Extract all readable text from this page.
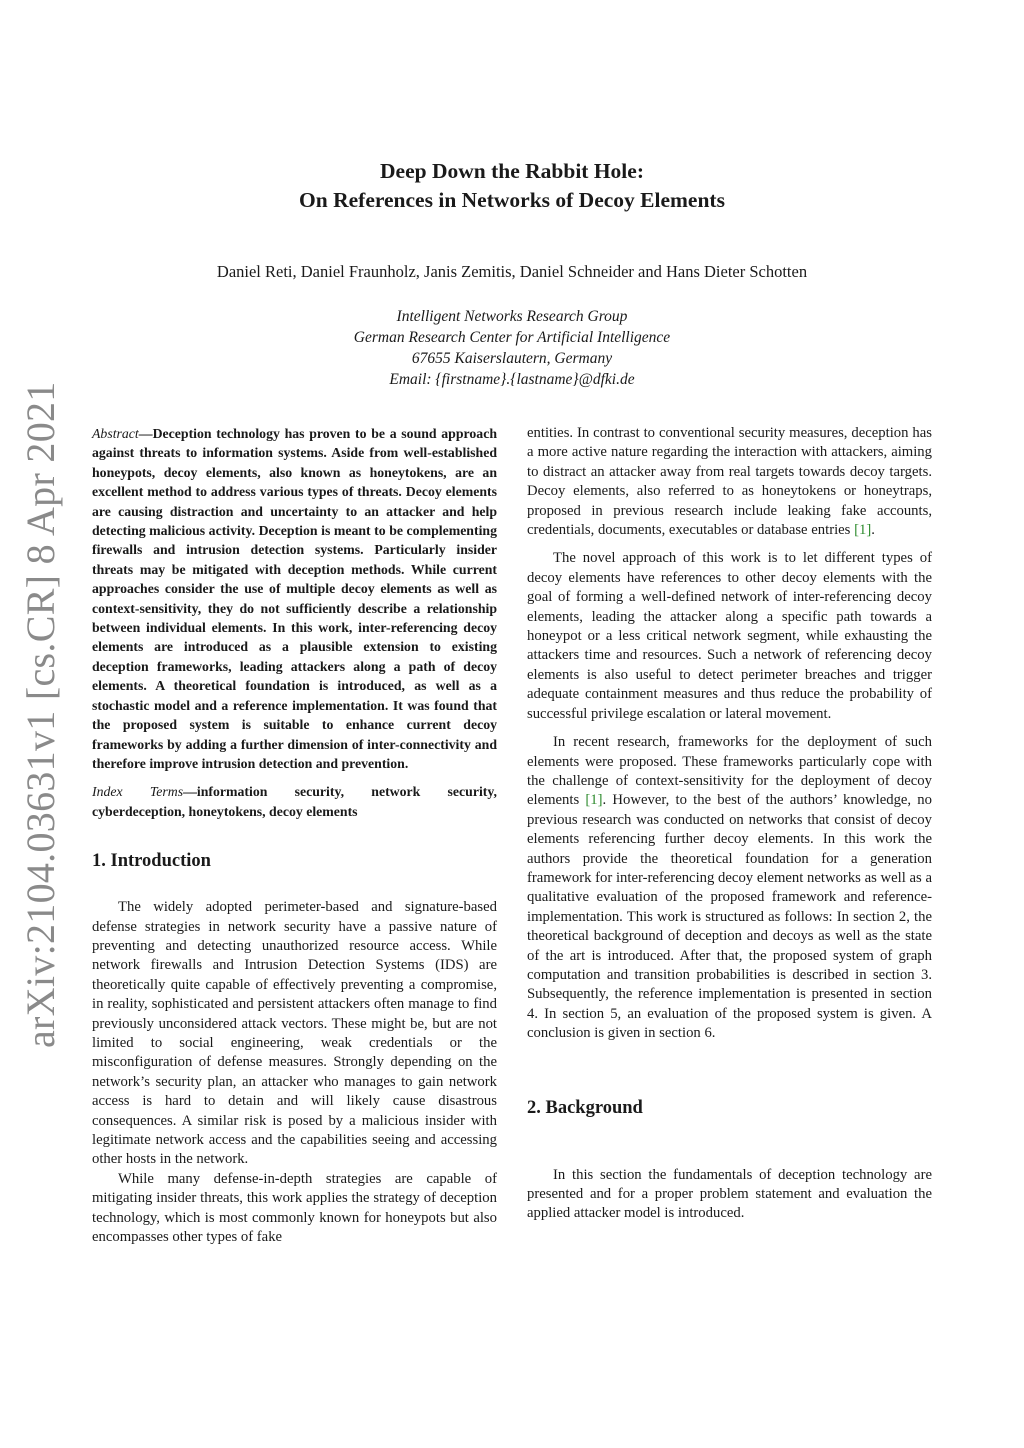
arXiv:2104.03631v1 [cs.CR] 8 Apr 2021
Deep Down the Rabbit Hole:
On References in Networks of Decoy Elements
Daniel Reti, Daniel Fraunholz, Janis Zemitis, Daniel Schneider and Hans Dieter Schotten
Intelligent Networks Research Group
German Research Center for Artificial Intelligence
67655 Kaiserslautern, Germany
Email: {firstname}.{lastname}@dfki.de

Abstract—Deception technology has proven to be a sound approach against threats to information systems. Aside from well-established honeypots, decoy elements, also known as honeytokens, are an excellent method to address various types of threats. Decoy elements are causing distraction and uncertainty to an attacker and help detecting malicious activity. Deception is meant to be complementing firewalls and intrusion detection systems. Particularly insider threats may be mitigated with deception methods. While current approaches consider the use of multiple decoy elements as well as context-sensitivity, they do not sufficiently describe a relationship between individual elements. In this work, inter-referencing decoy elements are introduced as a plausible extension to existing deception frameworks, leading attackers along a path of decoy elements. A theoretical foundation is introduced, as well as a stochastic model and a reference implementation. It was found that the proposed system is suitable to enhance current decoy frameworks by adding a further dimension of inter-connectivity and therefore improve intrusion detection and prevention.

Index Terms—information security, network security, cyberdeception, honeytokens, decoy elements

1. Introduction

The widely adopted perimeter-based and signature-based defense strategies in network security have a passive nature of preventing and detecting unauthorized resource access. While network firewalls and Intrusion Detection Systems (IDS) are theoretically quite capable of effectively preventing a compromise, in reality, sophisticated and persistent attackers often manage to find previously unconsidered attack vectors. These might be, but are not limited to social engineering, weak credentials or the misconfiguration of defense measures. Strongly depending on the network’s security plan, an attacker who manages to gain network access is hard to detain and will likely cause disastrous consequences. A similar risk is posed by a malicious insider with legitimate network access and the capabilities seeing and accessing other hosts in the network.

While many defense-in-depth strategies are capable of mitigating insider threats, this work applies the strategy of deception technology, which is most commonly known for honeypots but also encompasses other types of fake

entities. In contrast to conventional security measures, deception has a more active nature regarding the interaction with attackers, aiming to distract an attacker away from real targets towards decoy targets. Decoy elements, also referred to as honeytokens or honeytraps, proposed in previous research include leaking fake accounts, credentials, documents, executables or database entries [1].

The novel approach of this work is to let different types of decoy elements have references to other decoy elements with the goal of forming a well-defined network of inter-referencing decoy elements, leading the attacker along a specific path towards a honeypot or a less critical network segment, while exhausting the attackers time and resources. Such a network of referencing decoy elements is also useful to detect perimeter breaches and trigger adequate containment measures and thus reduce the probability of successful privilege escalation or lateral movement.

In recent research, frameworks for the deployment of such elements were proposed. These frameworks particularly cope with the challenge of context-sensitivity for the deployment of decoy elements [1]. However, to the best of the authors’ knowledge, no previous research was conducted on networks that consist of decoy elements referencing further decoy elements. In this work the authors provide the theoretical foundation for a generation framework for inter-referencing decoy element networks as well as a qualitative evaluation of the proposed framework and reference-implementation. This work is structured as follows: In section 2, the theoretical background of deception and decoys as well as the state of the art is introduced. After that, the proposed system of graph computation and transition probabilities is described in section 3. Subsequently, the reference implementation is presented in section 4. In section 5, an evaluation of the proposed system is given. A conclusion is given in section 6.

2. Background

In this section the fundamentals of deception technology are presented and for a proper problem statement and evaluation the applied attacker model is introduced.
